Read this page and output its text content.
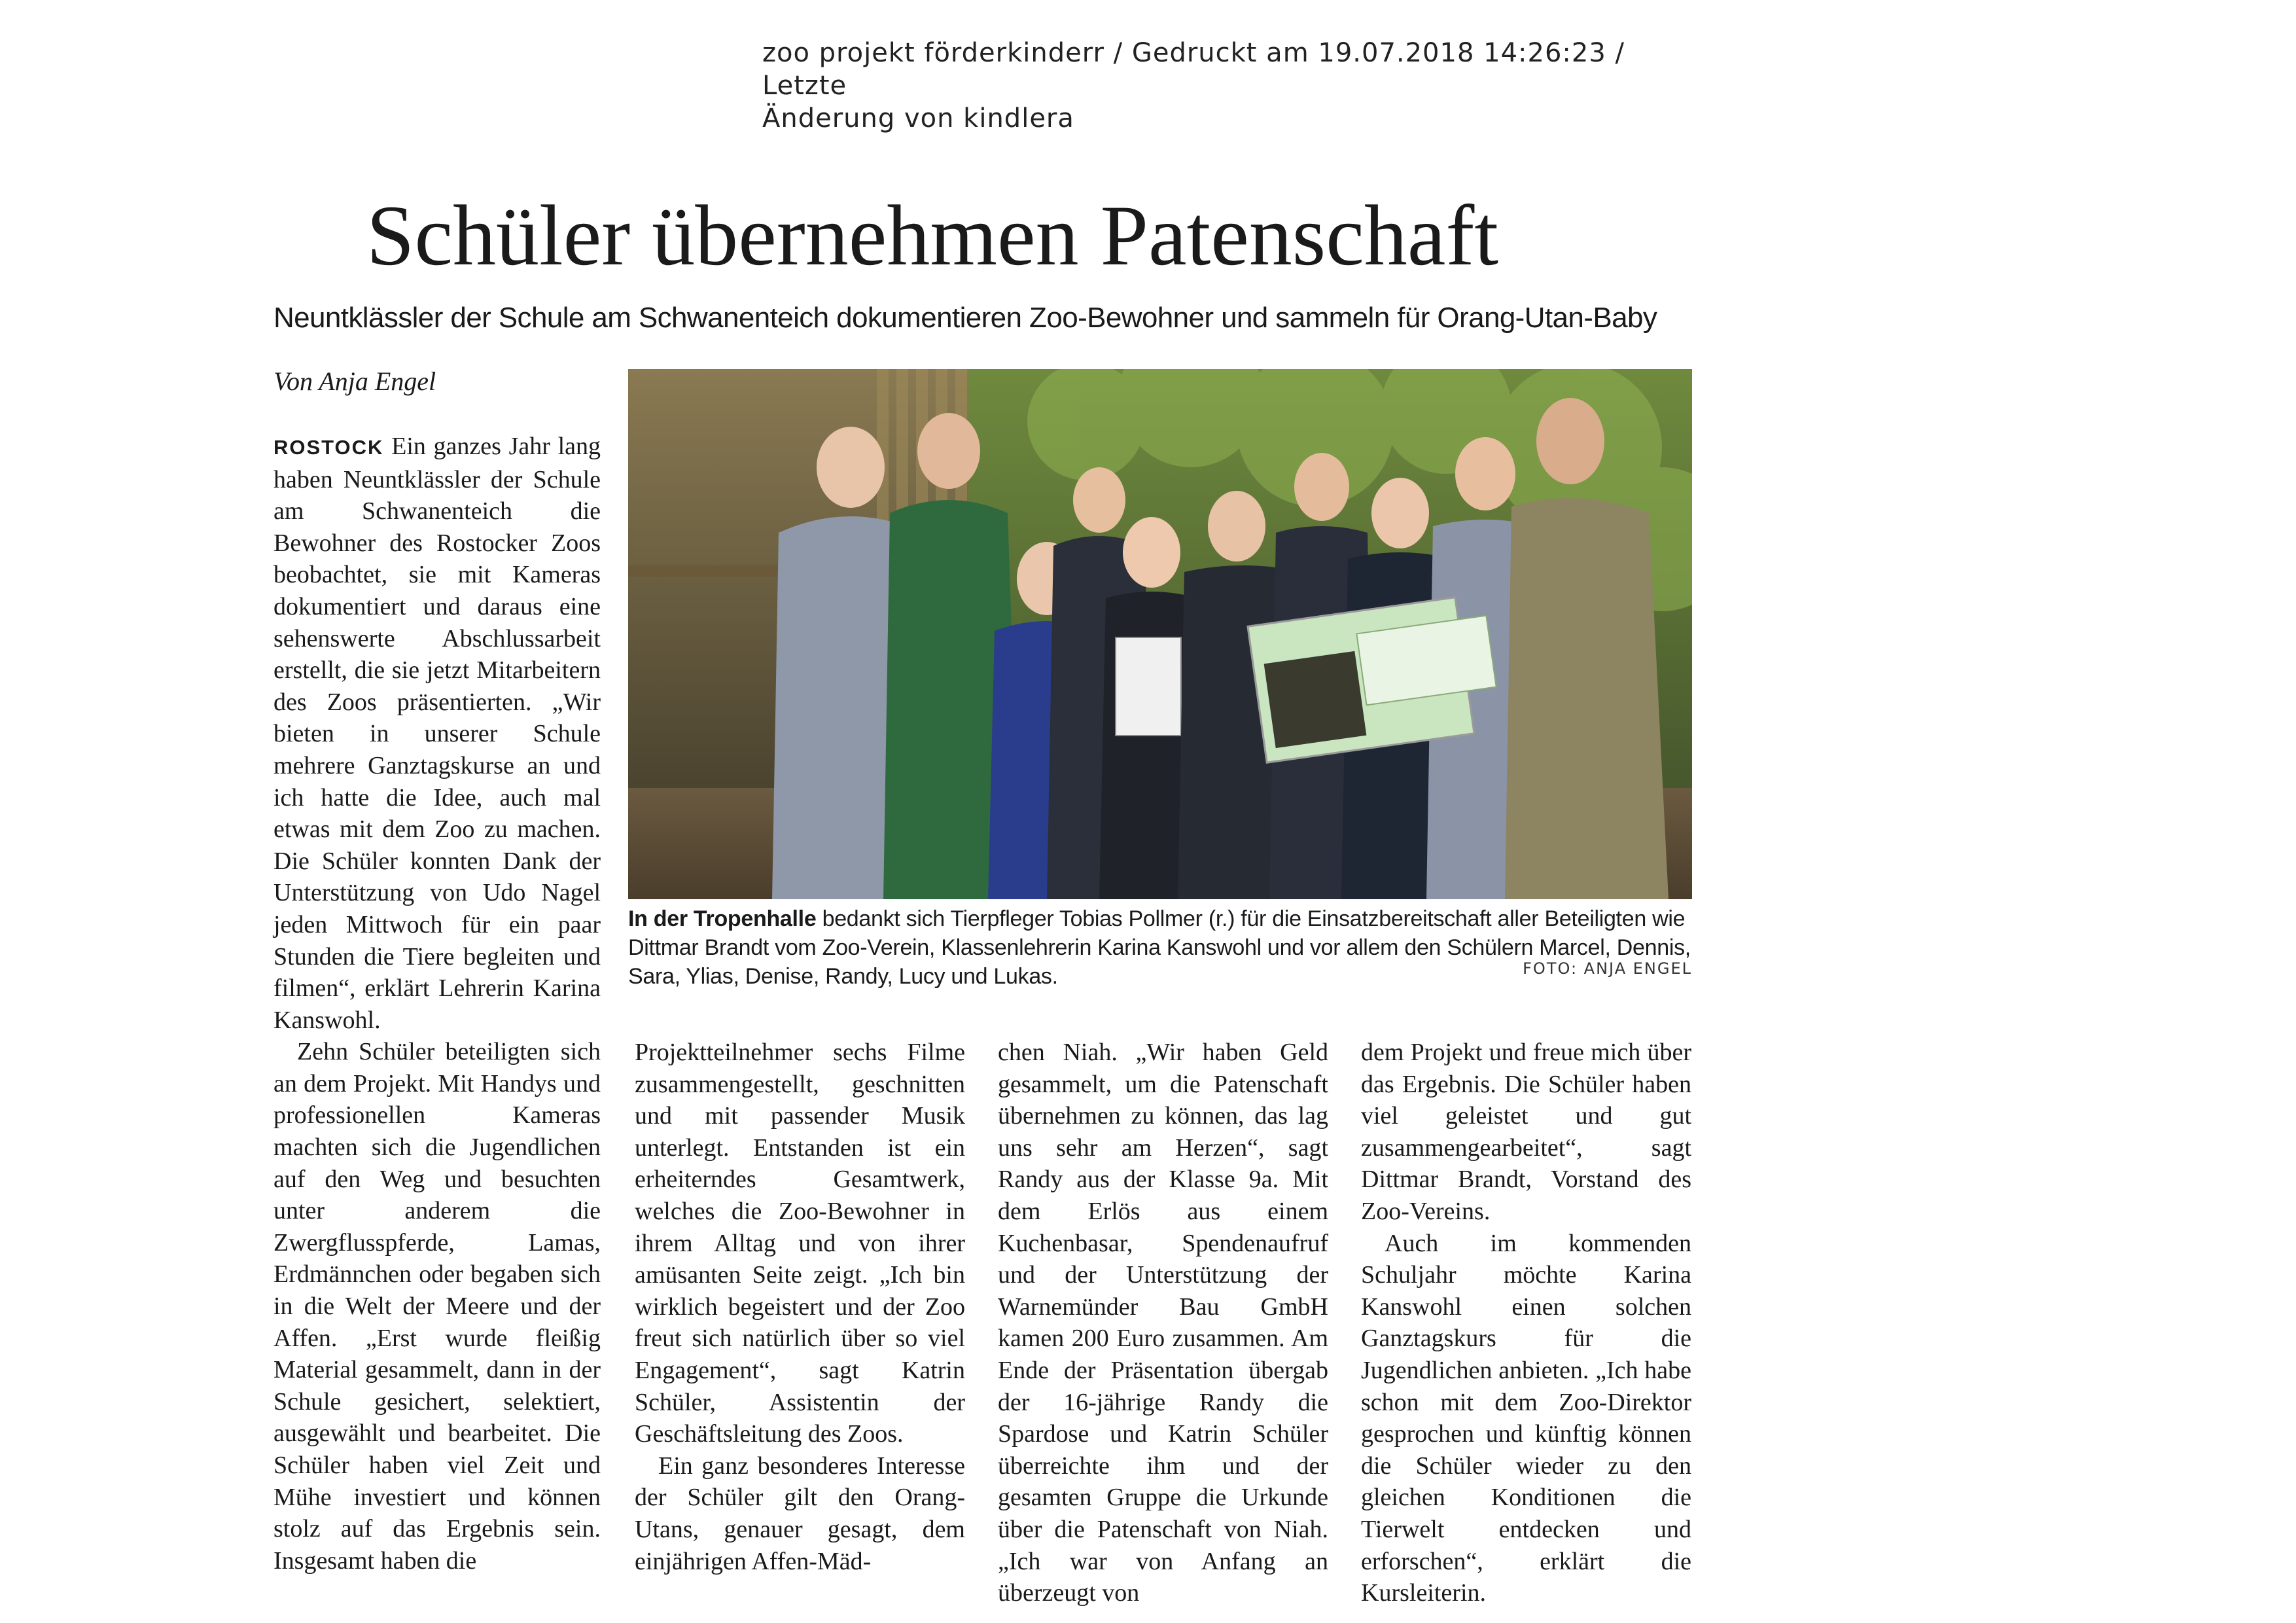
zoo projekt förderkinderr / Gedruckt am 19.07.2018 14:26:23 / Letzte
Änderung von kindlera
Schüler übernehmen Patenschaft
Neuntklässler der Schule am Schwanenteich dokumentieren Zoo-Bewohner und sammeln für Orang-Utan-Baby
Von Anja Engel

ROSTOCK Ein ganzes Jahr lang haben Neuntklässler der Schule am Schwanenteich die Bewohner des Rostocker Zoos beobachtet, sie mit Kameras dokumentiert und daraus eine sehenswerte Abschlussarbeit erstellt, die sie jetzt Mitarbeitern des Zoos präsentierten. „Wir bieten in unserer Schule mehrere Ganztagskurse an und ich hatte die Idee, auch mal etwas mit dem Zoo zu machen. Die Schüler konnten Dank der Unterstützung von Udo Nagel jeden Mittwoch für ein paar Stunden die Tiere begleiten und filmen“, erklärt Lehrerin Karina Kanswohl.

Zehn Schüler beteiligten sich an dem Projekt. Mit Handys und professionellen Kameras machten sich die Jugendlichen auf den Weg und besuchten unter anderem die Zwergflusspferde, Lamas, Erdmännchen oder begaben sich in die Welt der Meere und der Affen. „Erst wurde fleißig Material gesammelt, dann in der Schule gesichert, selektiert, ausgewählt und bearbeitet. Die Schüler haben viel Zeit und Mühe investiert und können stolz auf das Ergebnis sein. Insgesamt haben die

In der Tropenhalle bedankt sich Tierpfleger Tobias Pollmer (r.) für die Einsatzbereitschaft aller Beteiligten wie Dittmar Brandt vom Zoo-Verein, Klassenlehrerin Karina Kanswohl und vor allem den Schülern Marcel, Dennis, Sara, Ylias, Denise, Randy, Lucy und Lukas.	FOTO: ANJA ENGEL

Projektteilnehmer sechs Filme zusammengestellt, geschnitten und mit passender Musik unterlegt. Entstanden ist ein erheiterndes Gesamtwerk, welches die Zoo-Bewohner in ihrem Alltag und von ihrer amüsanten Seite zeigt. „Ich bin wirklich begeistert und der Zoo freut sich natürlich über so viel Engagement“, sagt Katrin Schüler, Assistentin der Geschäftsleitung des Zoos.

Ein ganz besonderes Interesse der Schüler gilt den Orang-Utans, genauer gesagt, dem einjährigen Affen-Mäd-

chen Niah. „Wir haben Geld gesammelt, um die Patenschaft übernehmen zu können, das lag uns sehr am Herzen“, sagt Randy aus der Klasse 9a. Mit dem Erlös aus einem Kuchenbasar, Spendenaufruf und der Unterstützung der Warnemünder Bau GmbH kamen 200 Euro zusammen. Am Ende der Präsentation übergab der 16-jährige Randy die Spardose und Katrin Schüler überreichte ihm und der gesamten Gruppe die Urkunde über die Patenschaft von Niah. „Ich war von Anfang an überzeugt von

dem Projekt und freue mich über das Ergebnis. Die Schüler haben viel geleistet und gut zusammengearbeitet“, sagt Dittmar Brandt, Vorstand des Zoo-Vereins.

Auch im kommenden Schuljahr möchte Karina Kanswohl einen solchen Ganztagskurs für die Jugendlichen anbieten. „Ich habe schon mit dem Zoo-Direktor gesprochen und künftig können die Schüler wieder zu den gleichen Konditionen die Tierwelt entdecken und erforschen“, erklärt die Kursleiterin.
